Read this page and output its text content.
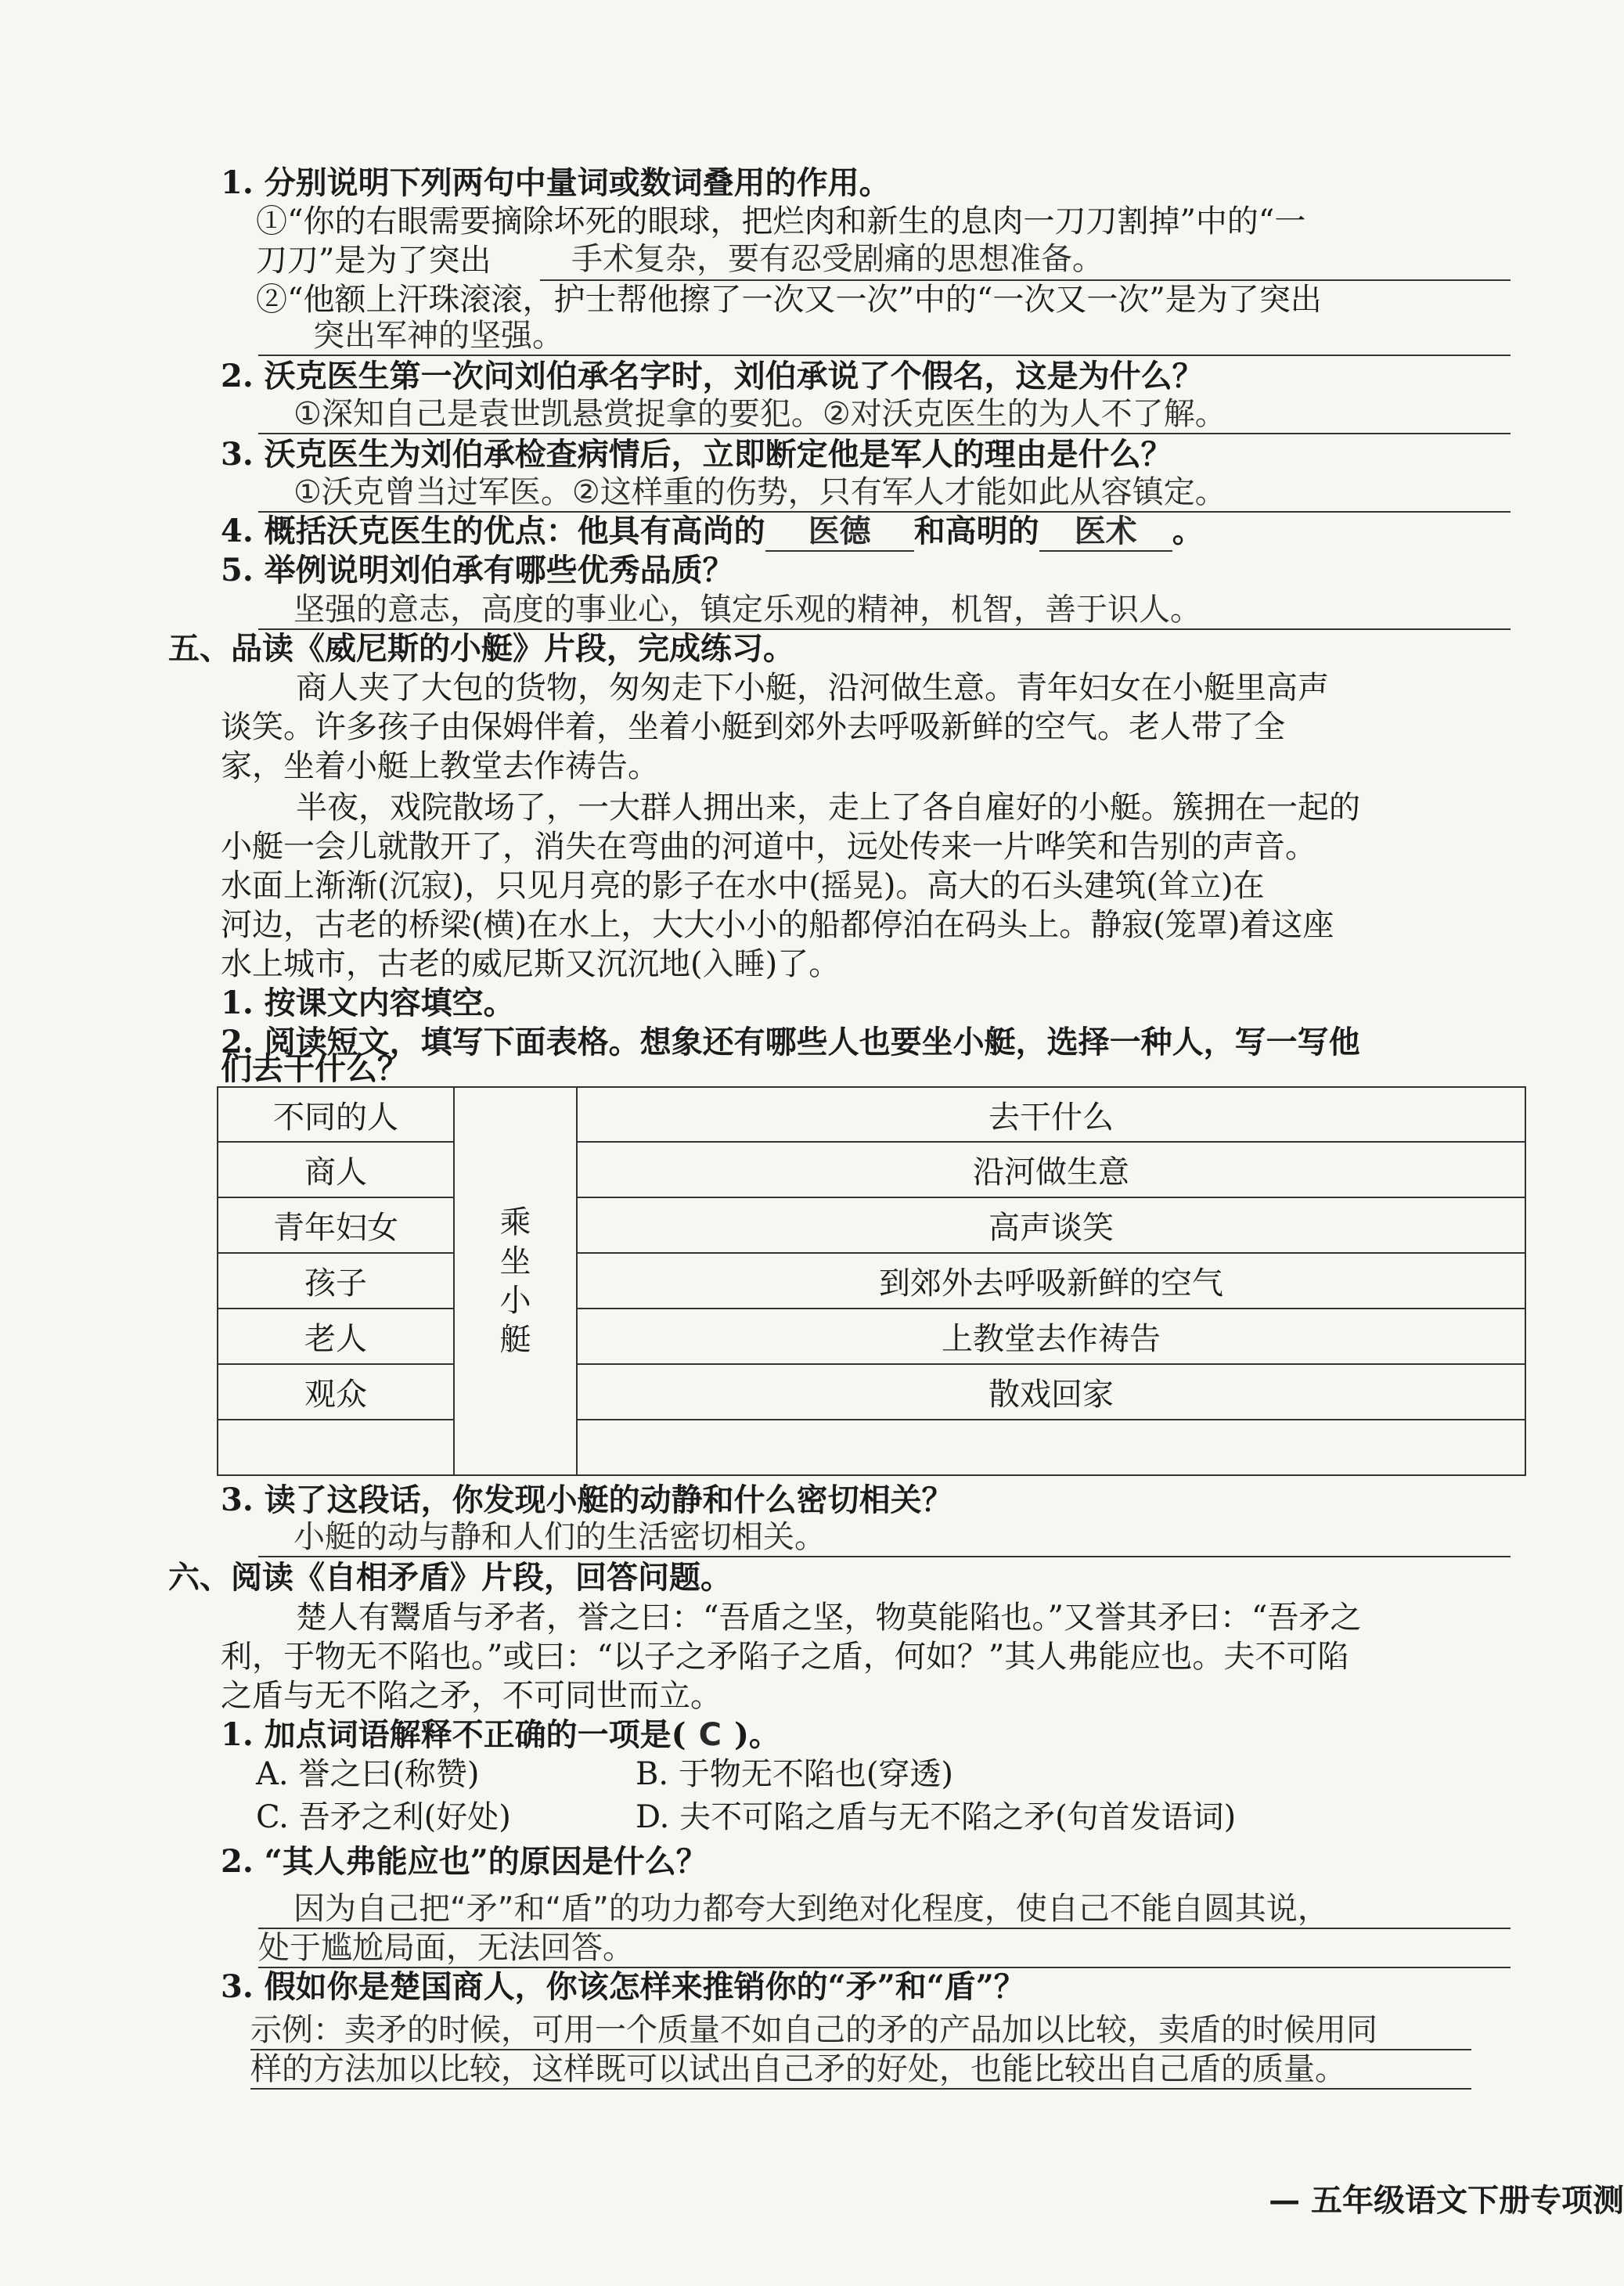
1. 分别说明下列两句中量词或数词叠用的作用。
①“你的右眼需要摘除坏死的眼球，把烂肉和新生的息肉一刀刀割掉”中的“一
刀刀”是为了突出	手术复杂，要有忍受剧痛的思想准备。
②“他额上汗珠滚滚，护士帮他擦了一次又一次”中的“一次又一次”是为了突出
突出军神的坚强。
2. 沃克医生第一次问刘伯承名字时，刘伯承说了个假名，这是为什么？
①深知自己是袁世凯悬赏捉拿的要犯。②对沃克医生的为人不了解。
3. 沃克医生为刘伯承检查病情后，立即断定他是军人的理由是什么？
①沃克曾当过军医。②这样重的伤势，只有军人才能如此从容镇定。
4. 概括沃克医生的优点：他具有高尚的 医德 和高明的 医术 。
5. 举例说明刘伯承有哪些优秀品质？
坚强的意志，高度的事业心，镇定乐观的精神，机智，善于识人。
五、品读《威尼斯的小艇》片段，完成练习。
商人夹了大包的货物，匆匆走下小艇，沿河做生意。青年妇女在小艇里高声
谈笑。许多孩子由保姆伴着，坐着小艇到郊外去呼吸新鲜的空气。老人带了全
家，坐着小艇上教堂去作祷告。
半夜，戏院散场了，一大群人拥出来，走上了各自雇好的小艇。簇拥在一起的
小艇一会儿就散开了，消失在弯曲的河道中，远处传来一片哗笑和告别的声音。
水面上渐渐(沉寂)，只见月亮的影子在水中(摇晃)。高大的石头建筑(耸立)在
河边，古老的桥梁(横)在水上，大大小小的船都停泊在码头上。静寂(笼罩)着这座
水上城市，古老的威尼斯又沉沉地(入睡)了。
1. 按课文内容填空。
2. 阅读短文，填写下面表格。想象还有哪些人也要坐小艇，选择一种人，写一写他
们去干什么？
不同的人	乘坐小艇	去干什么
商人		沿河做生意
青年妇女		高声谈笑
孩子		到郊外去呼吸新鲜的空气
老人		上教堂去作祷告
观众		散戏回家

3. 读了这段话，你发现小艇的动静和什么密切相关？
小艇的动与静和人们的生活密切相关。
六、阅读《自相矛盾》片段，回答问题。
楚人有鬻盾与矛者，誉之曰：“吾盾之坚，物莫能陷也。”又誉其矛曰：“吾矛之
利，于物无不陷也。”或曰：“以子之矛陷子之盾，何如？”其人弗能应也。夫不可陷
之盾与无不陷之矛，不可同世而立。
1. 加点词语解释不正确的一项是( C )。
A. 誉之曰(称赞)	B. 于物无不陷也(穿透)
C. 吾矛之利(好处)	D. 夫不可陷之盾与无不陷之矛(句首发语词)
2. “其人弗能应也”的原因是什么？
因为自己把“矛”和“盾”的功力都夸大到绝对化程度，使自己不能自圆其说，
处于尴尬局面，无法回答。
3. 假如你是楚国商人，你该怎样来推销你的“矛”和“盾”？
示例：卖矛的时候，可用一个质量不如自己的矛的产品加以比较，卖盾的时候用同
样的方法加以比较，这样既可以试出自己矛的好处，也能比较出自己盾的质量。
— 五年级语文下册专项测
